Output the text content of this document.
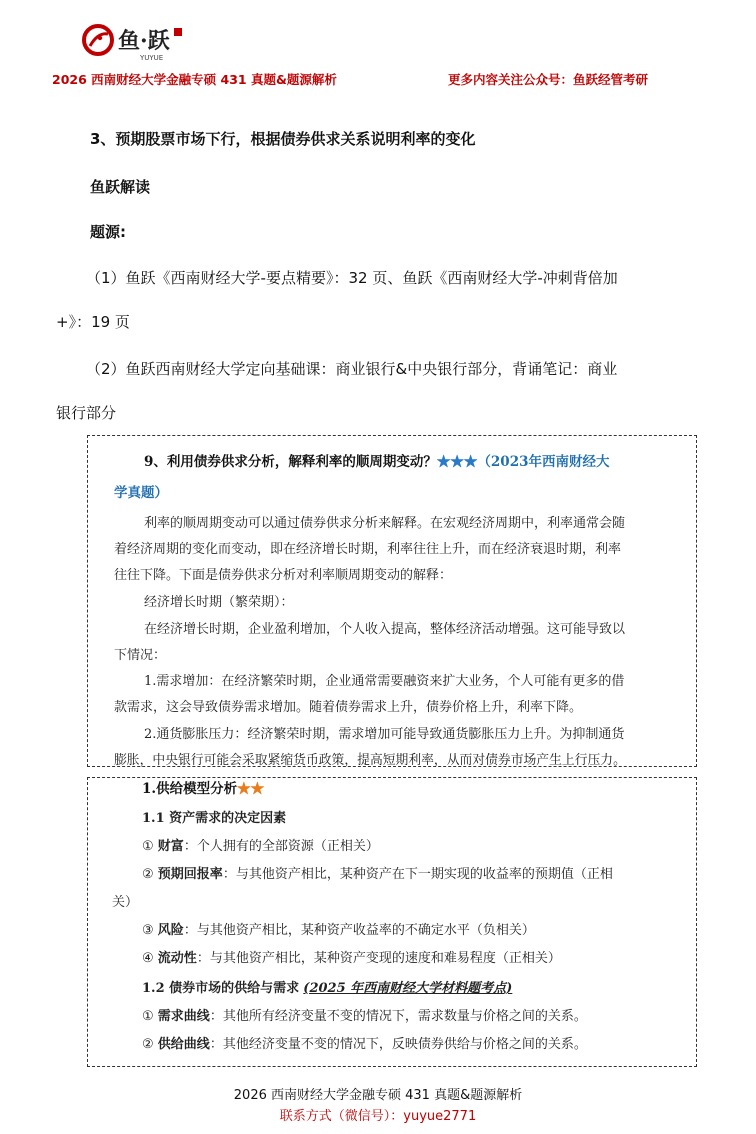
鱼·跃
YUYUE
2026 西南财经大学金融专硕 431 真题&题源解析	更多内容关注公众号：鱼跃经管考研
3、预期股票市场下行，根据债券供求关系说明利率的变化
鱼跃解读
题源:
（1）鱼跃《西南财经大学-要点精要》：32 页、鱼跃《西南财经大学-冲刺背倍加
+》：19 页
（2）鱼跃西南财经大学定向基础课：商业银行&中央银行部分，背诵笔记：商业
银行部分
9、利用债券供求分析，解释利率的顺周期变动？★★★（2023年西南财经大
学真题）
利率的顺周期变动可以通过债券供求分析来解释。在宏观经济周期中，利率通常会随
着经济周期的变化而变动，即在经济增长时期，利率往往上升，而在经济衰退时期，利率
往往下降。下面是债券供求分析对利率顺周期变动的解释：
经济增长时期（繁荣期）：
在经济增长时期，企业盈利增加，个人收入提高，整体经济活动增强。这可能导致以
下情况：
1.需求增加：在经济繁荣时期，企业通常需要融资来扩大业务，个人可能有更多的借
款需求，这会导致债券需求增加。随着债券需求上升，债券价格上升，利率下降。
2.通货膨胀压力：经济繁荣时期，需求增加可能导致通货膨胀压力上升。为抑制通货
膨胀，中央银行可能会采取紧缩货币政策，提高短期利率，从而对债券市场产生上行压力。
1.供给模型分析★★
1.1 资产需求的决定因素
① 财富：个人拥有的全部资源（正相关）
② 预期回报率：与其他资产相比，某种资产在下一期实现的收益率的预期值（正相
关）
③ 风险：与其他资产相比，某种资产收益率的不确定水平（负相关）
④ 流动性：与其他资产相比，某种资产变现的速度和难易程度（正相关）
1.2 债券市场的供给与需求 (2025 年西南财经大学材料题考点)
① 需求曲线：其他所有经济变量不变的情况下，需求数量与价格之间的关系。
② 供给曲线：其他经济变量不变的情况下，反映债券供给与价格之间的关系。
2026 西南财经大学金融专硕 431 真题&题源解析
联系方式（微信号）：yuyue2771
